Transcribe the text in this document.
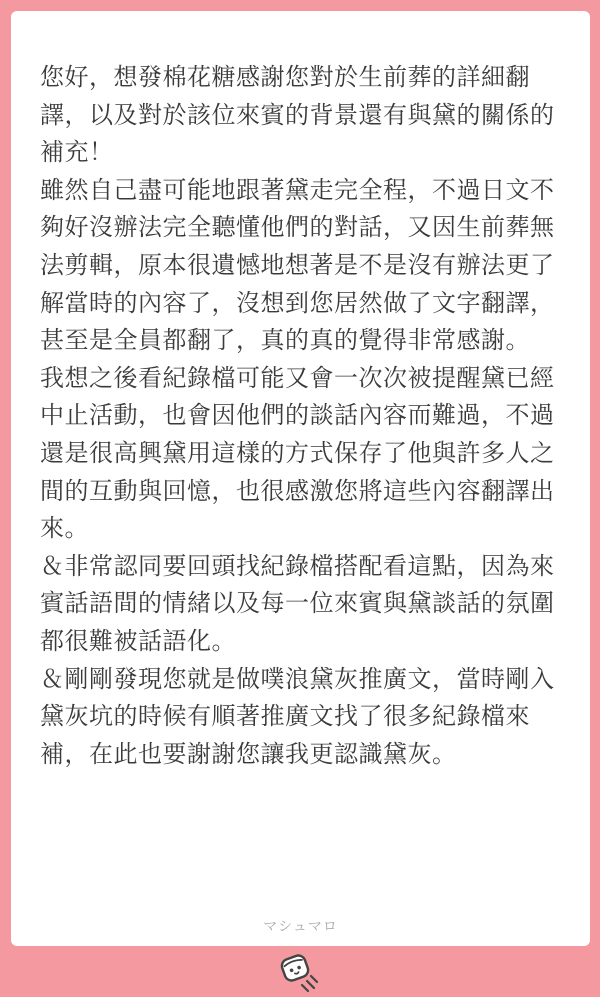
您好，想發棉花糖感謝您對於生前葬的詳細翻
譯，以及對於該位來賓的背景還有與黛的關係的
補充！

雖然自己盡可能地跟著黛走完全程，不過日文不
夠好沒辦法完全聽懂他們的對話，又因生前葬無
法剪輯，原本很遺憾地想著是不是沒有辦法更了
解當時的內容了，沒想到您居然做了文字翻譯，
甚至是全員都翻了，真的真的覺得非常感謝。

我想之後看紀錄檔可能又會一次次被提醒黛已經
中止活動，也會因他們的談話內容而難過，不過
還是很高興黛用這樣的方式保存了他與許多人之
間的互動與回憶，也很感激您將這些內容翻譯出
來。

＆非常認同要回頭找紀錄檔搭配看這點，因為來
賓話語間的情緒以及每一位來賓與黛談話的氛圍
都很難被話語化。

＆剛剛發現您就是做噗浪黛灰推廣文，當時剛入
黛灰坑的時候有順著推廣文找了很多紀錄檔來
補，在此也要謝謝您讓我更認識黛灰。

マシュマロ
